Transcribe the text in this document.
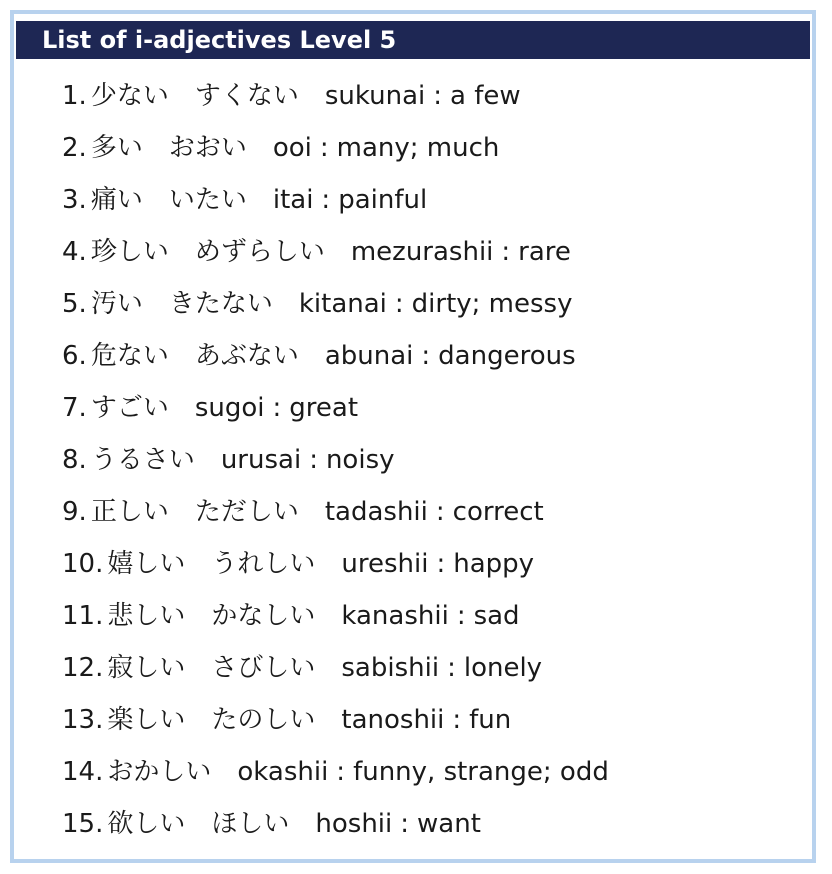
List of i-adjectives Level 5
1. 少ない すくない sukunai : a few
2. 多い おおい ooi : many; much
3. 痛い いたい itai : painful
4. 珍しい めずらしい mezurashii : rare
5. 汚い きたない kitanai : dirty; messy
6. 危ない あぶない abunai : dangerous
7. すごい sugoi : great
8. うるさい urusai : noisy
9. 正しい ただしい tadashii : correct
10. 嬉しい うれしい ureshii : happy
11. 悲しい かなしい kanashii : sad
12. 寂しい さびしい sabishii : lonely
13. 楽しい たのしい tanoshii : fun
14. おかしい okashii : funny, strange; odd
15. 欲しい ほしい hoshii : want
